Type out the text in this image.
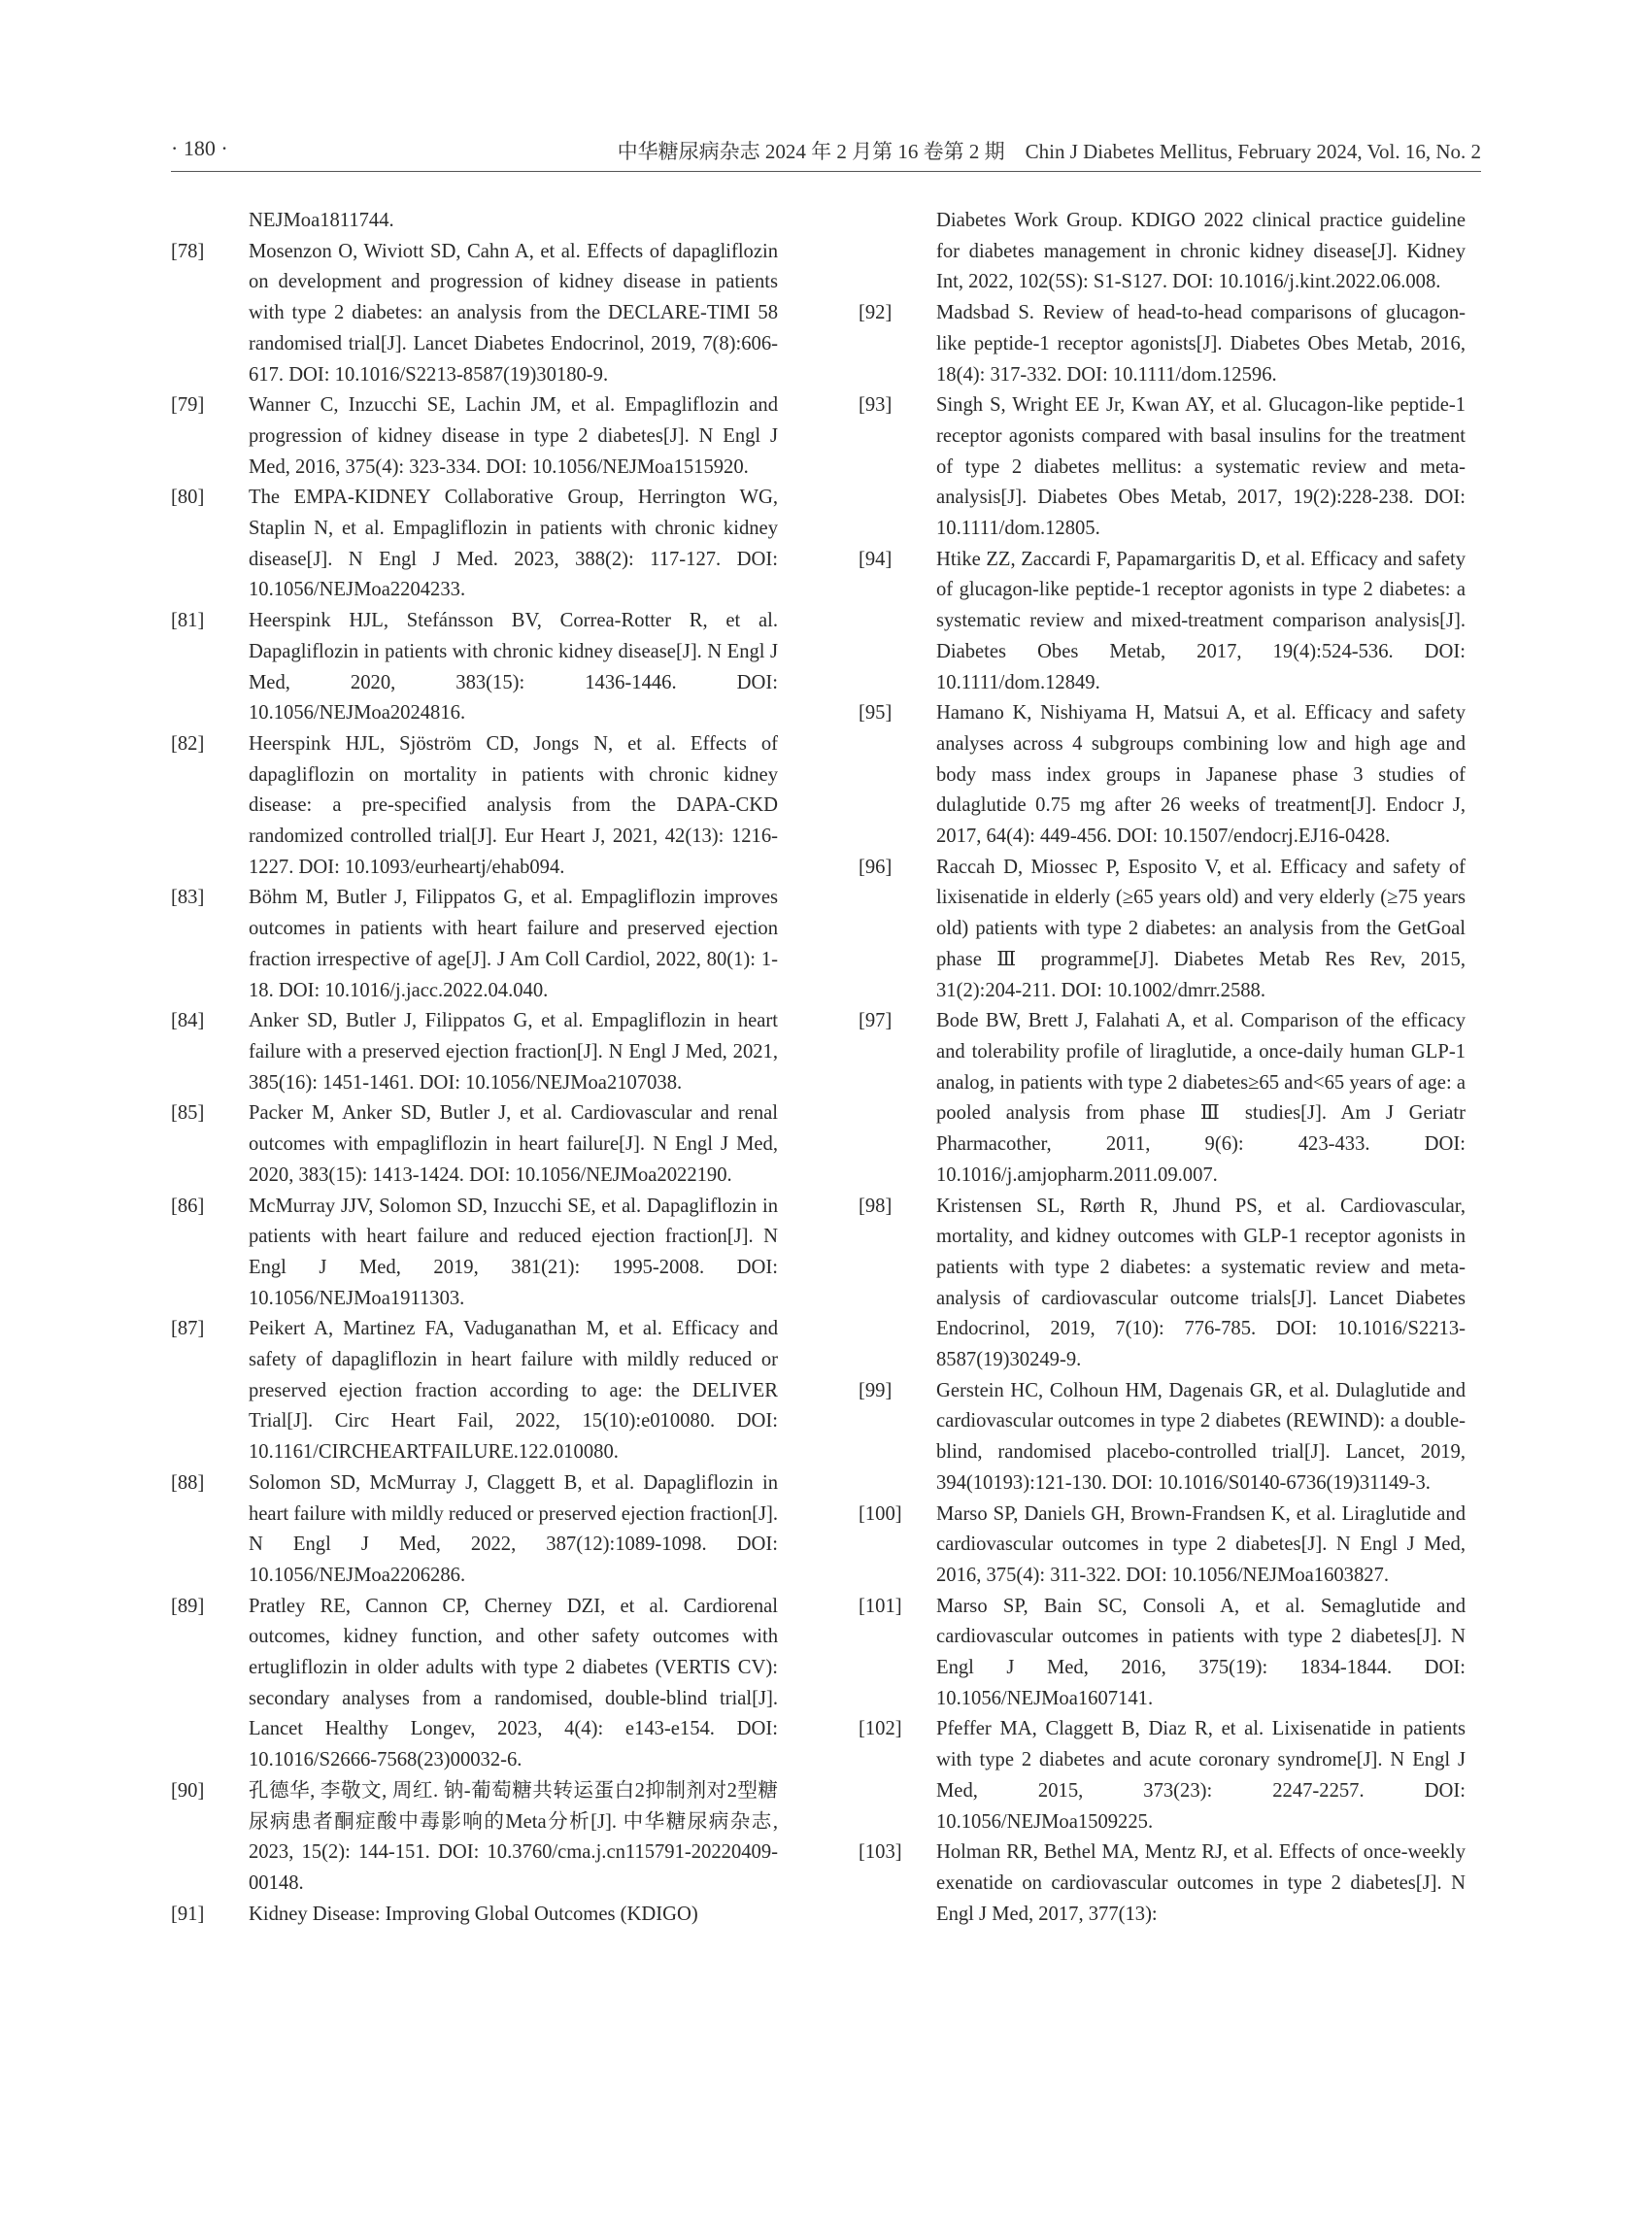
· 180 ·	中华糖尿病杂志 2024 年 2 月第 16 卷第 2 期　Chin J Diabetes Mellitus, February 2024, Vol. 16, No. 2
NEJMoa1811744.
[78]	Mosenzon O, Wiviott SD, Cahn A, et al. Effects of dapagliflozin on development and progression of kidney disease in patients with type 2 diabetes: an analysis from the DECLARE-TIMI 58 randomised trial[J]. Lancet Diabetes Endocrinol, 2019, 7(8):606-617. DOI: 10.1016/S2213-8587(19)30180-9.
[79]	Wanner C, Inzucchi SE, Lachin JM, et al. Empagliflozin and progression of kidney disease in type 2 diabetes[J]. N Engl J Med, 2016, 375(4): 323-334. DOI: 10.1056/NEJMoa1515920.
[80]	The EMPA-KIDNEY Collaborative Group, Herrington WG, Staplin N, et al. Empagliflozin in patients with chronic kidney disease[J]. N Engl J Med. 2023, 388(2): 117-127. DOI: 10.1056/NEJMoa2204233.
[81]	Heerspink HJL, Stefánsson BV, Correa-Rotter R, et al. Dapagliflozin in patients with chronic kidney disease[J]. N Engl J Med, 2020, 383(15): 1436-1446. DOI: 10.1056/NEJMoa2024816.
[82]	Heerspink HJL, Sjöström CD, Jongs N, et al. Effects of dapagliflozin on mortality in patients with chronic kidney disease: a pre-specified analysis from the DAPA-CKD randomized controlled trial[J]. Eur Heart J, 2021, 42(13): 1216-1227. DOI: 10.1093/eurheartj/ehab094.
[83]	Böhm M, Butler J, Filippatos G, et al. Empagliflozin improves outcomes in patients with heart failure and preserved ejection fraction irrespective of age[J]. J Am Coll Cardiol, 2022, 80(1): 1-18. DOI: 10.1016/j.jacc.2022.04.040.
[84]	Anker SD, Butler J, Filippatos G, et al. Empagliflozin in heart failure with a preserved ejection fraction[J]. N Engl J Med, 2021, 385(16): 1451-1461. DOI: 10.1056/NEJMoa2107038.
[85]	Packer M, Anker SD, Butler J, et al. Cardiovascular and renal outcomes with empagliflozin in heart failure[J]. N Engl J Med, 2020, 383(15): 1413-1424. DOI: 10.1056/NEJMoa2022190.
[86]	McMurray JJV, Solomon SD, Inzucchi SE, et al. Dapagliflozin in patients with heart failure and reduced ejection fraction[J]. N Engl J Med, 2019, 381(21): 1995-2008. DOI: 10.1056/NEJMoa1911303.
[87]	Peikert A, Martinez FA, Vaduganathan M, et al. Efficacy and safety of dapagliflozin in heart failure with mildly reduced or preserved ejection fraction according to age: the DELIVER Trial[J]. Circ Heart Fail, 2022, 15(10):e010080. DOI: 10.1161/CIRCHEARTFAILURE.122.010080.
[88]	Solomon SD, McMurray J, Claggett B, et al. Dapagliflozin in heart failure with mildly reduced or preserved ejection fraction[J]. N Engl J Med, 2022, 387(12):1089-1098. DOI: 10.1056/NEJMoa2206286.
[89]	Pratley RE, Cannon CP, Cherney DZI, et al. Cardiorenal outcomes, kidney function, and other safety outcomes with ertugliflozin in older adults with type 2 diabetes (VERTIS CV): secondary analyses from a randomised, double-blind trial[J]. Lancet Healthy Longev, 2023, 4(4): e143-e154. DOI: 10.1016/S2666-7568(23)00032-6.
[90]	孔德华, 李敬文, 周红. 钠-葡萄糖共转运蛋白2抑制剂对2型糖尿病患者酮症酸中毒影响的Meta分析[J]. 中华糖尿病杂志, 2023, 15(2): 144-151. DOI: 10.3760/cma.j.cn115791-20220409-00148.
[91]	Kidney Disease: Improving Global Outcomes (KDIGO)
Diabetes Work Group. KDIGO 2022 clinical practice guideline for diabetes management in chronic kidney disease[J]. Kidney Int, 2022, 102(5S): S1-S127. DOI: 10.1016/j.kint.2022.06.008.
[92]	Madsbad S. Review of head-to-head comparisons of glucagon-like peptide-1 receptor agonists[J]. Diabetes Obes Metab, 2016, 18(4): 317-332. DOI: 10.1111/dom.12596.
[93]	Singh S, Wright EE Jr, Kwan AY, et al. Glucagon-like peptide-1 receptor agonists compared with basal insulins for the treatment of type 2 diabetes mellitus: a systematic review and meta-analysis[J]. Diabetes Obes Metab, 2017, 19(2):228-238. DOI: 10.1111/dom.12805.
[94]	Htike ZZ, Zaccardi F, Papamargaritis D, et al. Efficacy and safety of glucagon-like peptide-1 receptor agonists in type 2 diabetes: a systematic review and mixed-treatment comparison analysis[J]. Diabetes Obes Metab, 2017, 19(4):524-536. DOI: 10.1111/dom.12849.
[95]	Hamano K, Nishiyama H, Matsui A, et al. Efficacy and safety analyses across 4 subgroups combining low and high age and body mass index groups in Japanese phase 3 studies of dulaglutide 0.75 mg after 26 weeks of treatment[J]. Endocr J, 2017, 64(4): 449-456. DOI: 10.1507/endocrj.EJ16-0428.
[96]	Raccah D, Miossec P, Esposito V, et al. Efficacy and safety of lixisenatide in elderly (≥65 years old) and very elderly (≥75 years old) patients with type 2 diabetes: an analysis from the GetGoal phase Ⅲ programme[J]. Diabetes Metab Res Rev, 2015, 31(2):204-211. DOI: 10.1002/dmrr.2588.
[97]	Bode BW, Brett J, Falahati A, et al. Comparison of the efficacy and tolerability profile of liraglutide, a once-daily human GLP-1 analog, in patients with type 2 diabetes≥65 and<65 years of age: a pooled analysis from phase Ⅲ studies[J]. Am J Geriatr Pharmacother, 2011, 9(6): 423-433. DOI: 10.1016/j.amjopharm.2011.09.007.
[98]	Kristensen SL, Rørth R, Jhund PS, et al. Cardiovascular, mortality, and kidney outcomes with GLP-1 receptor agonists in patients with type 2 diabetes: a systematic review and meta-analysis of cardiovascular outcome trials[J]. Lancet Diabetes Endocrinol, 2019, 7(10): 776-785. DOI: 10.1016/S2213-8587(19)30249-9.
[99]	Gerstein HC, Colhoun HM, Dagenais GR, et al. Dulaglutide and cardiovascular outcomes in type 2 diabetes (REWIND): a double-blind, randomised placebo-controlled trial[J]. Lancet, 2019, 394(10193):121-130. DOI: 10.1016/S0140-6736(19)31149-3.
[100]	Marso SP, Daniels GH, Brown-Frandsen K, et al. Liraglutide and cardiovascular outcomes in type 2 diabetes[J]. N Engl J Med, 2016, 375(4): 311-322. DOI: 10.1056/NEJMoa1603827.
[101]	Marso SP, Bain SC, Consoli A, et al. Semaglutide and cardiovascular outcomes in patients with type 2 diabetes[J]. N Engl J Med, 2016, 375(19): 1834-1844. DOI: 10.1056/NEJMoa1607141.
[102]	Pfeffer MA, Claggett B, Diaz R, et al. Lixisenatide in patients with type 2 diabetes and acute coronary syndrome[J]. N Engl J Med, 2015, 373(23): 2247-2257. DOI: 10.1056/NEJMoa1509225.
[103]	Holman RR, Bethel MA, Mentz RJ, et al. Effects of once-weekly exenatide on cardiovascular outcomes in type 2 diabetes[J]. N Engl J Med, 2017, 377(13):
